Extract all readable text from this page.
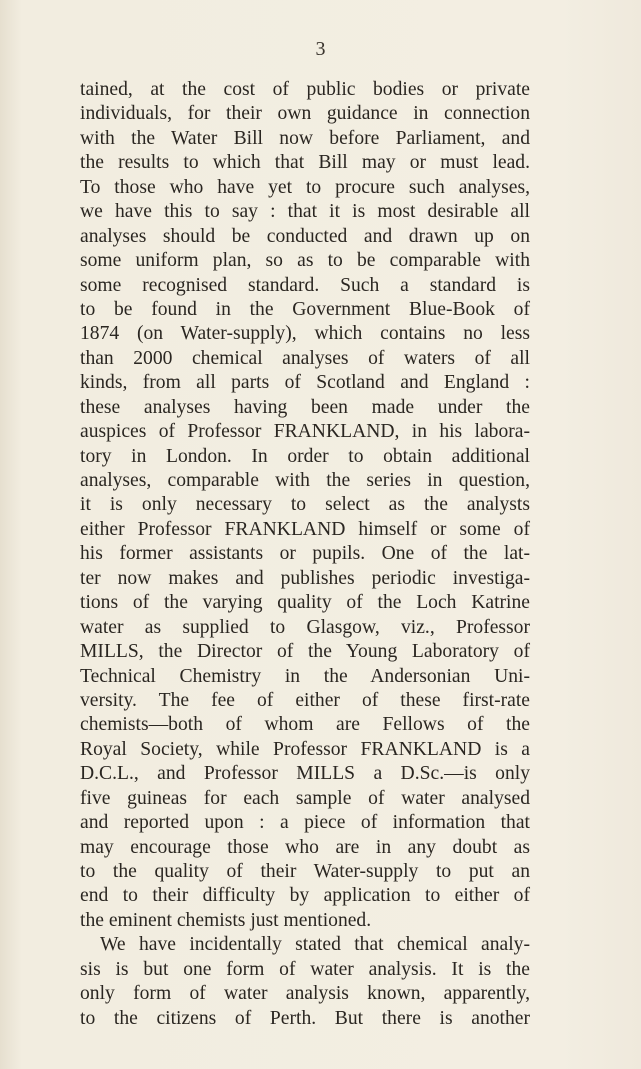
3
tained, at the cost of public bodies or private
individuals, for their own guidance in connection
with the Water Bill now before Parliament, and
the results to which that Bill may or must lead.
To those who have yet to procure such analyses,
we have this to say : that it is most desirable all
analyses should be conducted and drawn up on
some uniform plan, so as to be comparable with
some recognised standard. Such a standard is
to be found in the Government Blue-Book of
1874 (on Water-supply), which contains no less
than 2000 chemical analyses of waters of all
kinds, from all parts of Scotland and England :
these analyses having been made under the
auspices of Professor FRANKLAND, in his labora-
tory in London. In order to obtain additional
analyses, comparable with the series in question,
it is only necessary to select as the analysts
either Professor FRANKLAND himself or some of
his former assistants or pupils. One of the lat-
ter now makes and publishes periodic investiga-
tions of the varying quality of the Loch Katrine
water as supplied to Glasgow, viz., Professor
MILLS, the Director of the Young Laboratory of
Technical Chemistry in the Andersonian Uni-
versity. The fee of either of these first-rate
chemists—both of whom are Fellows of the
Royal Society, while Professor FRANKLAND is a
D.C.L., and Professor MILLS a D.Sc.—is only
five guineas for each sample of water analysed
and reported upon : a piece of information that
may encourage those who are in any doubt as
to the quality of their Water-supply to put an
end to their difficulty by application to either of
the eminent chemists just mentioned.
We have incidentally stated that chemical analy-
sis is but one form of water analysis. It is the
only form of water analysis known, apparently,
to the citizens of Perth. But there is another
